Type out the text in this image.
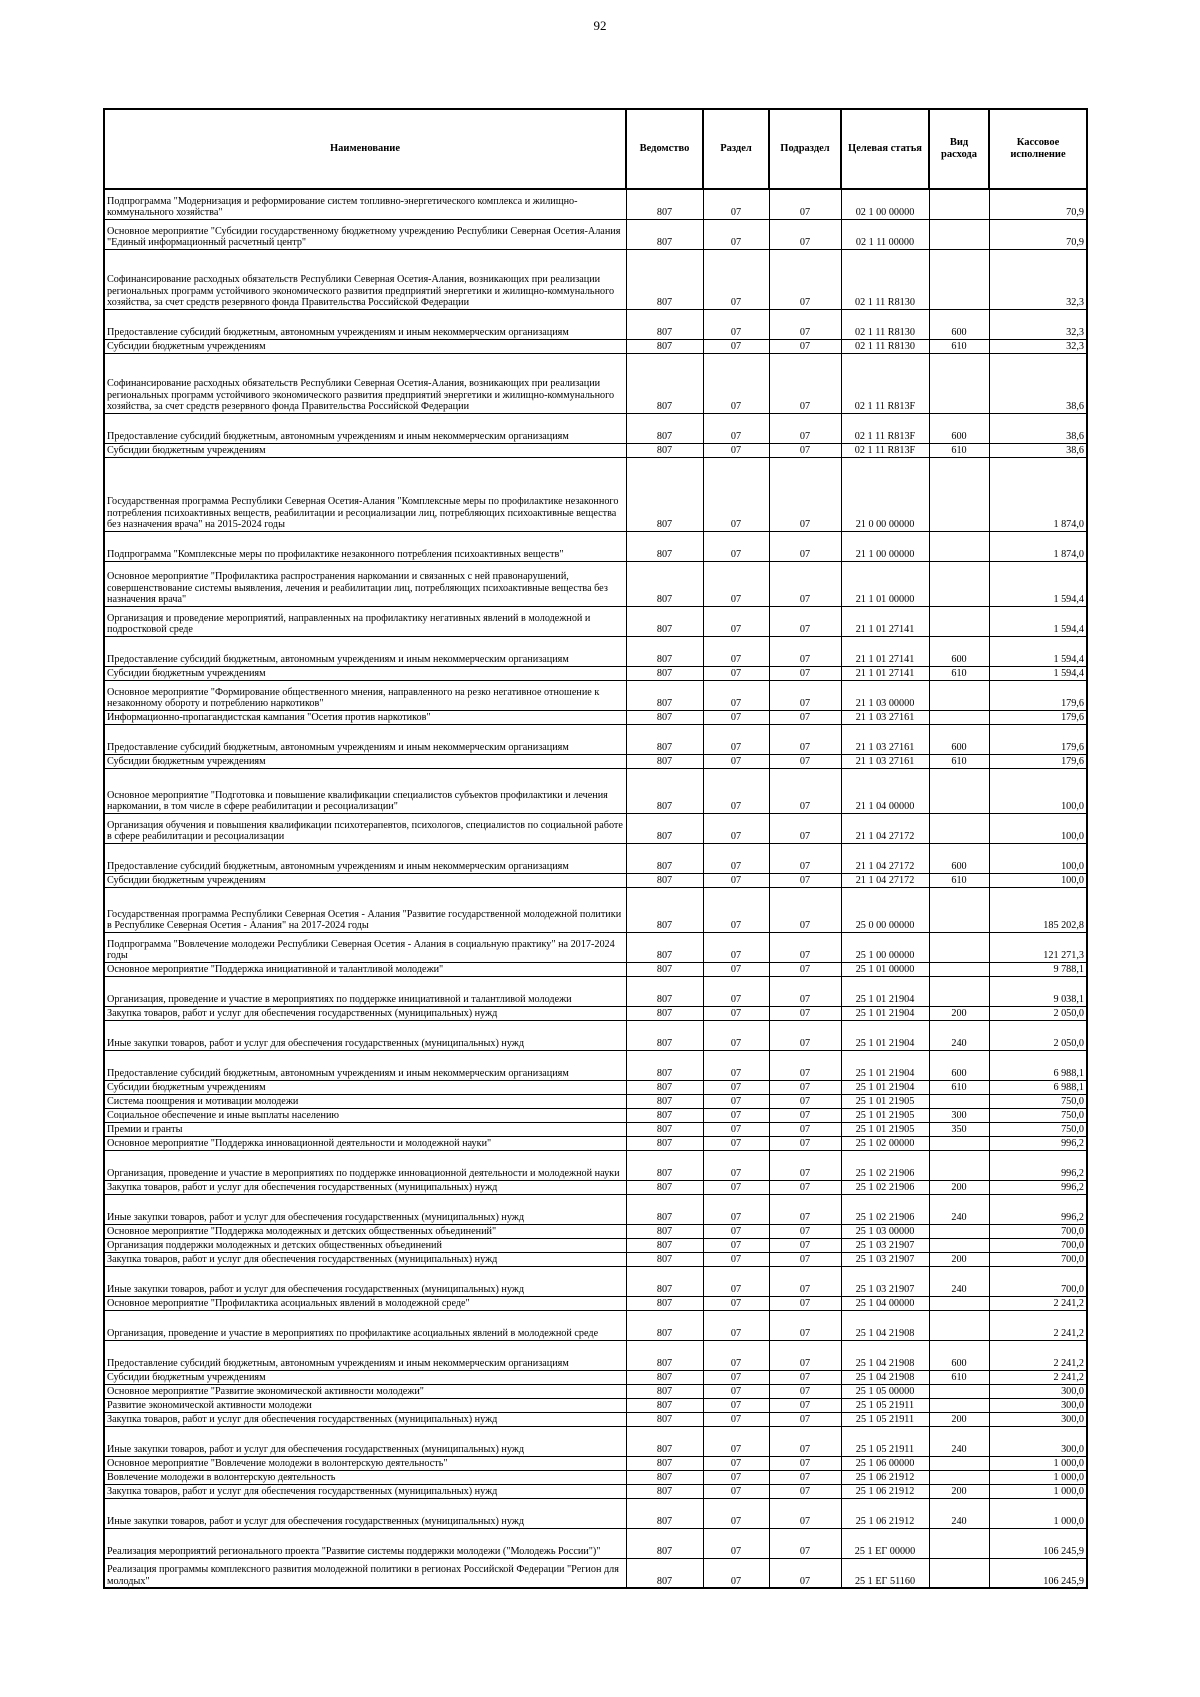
92
Наименование	Ведомство	Раздел	Подраздел	Целевая статья	Вид расхода	Кассовое исполнение
Подпрограмма "Модернизация и реформирование систем топливно-энергетического комплекса и жилищно-коммунального хозяйства"	807	07	07	02 1 00 00000		70,9
Основное мероприятие "Субсидии государственному бюджетному учреждению Республики Северная Осетия-Алания "Единый информационный расчетный центр"	807	07	07	02 1 11 00000		70,9
Софинансирование расходных обязательств Республики Северная Осетия-Алания, возникающих при реализации региональных программ устойчивого экономического развития предприятий энергетики и жилищно-коммунального хозяйства, за счет средств резервного фонда Правительства Российской Федерации	807	07	07	02 1 11 R8130		32,3
Предоставление субсидий бюджетным, автономным учреждениям и иным некоммерческим организациям	807	07	07	02 1 11 R8130	600	32,3
Субсидии бюджетным учреждениям	807	07	07	02 1 11 R8130	610	32,3
Софинансирование расходных обязательств Республики Северная Осетия-Алания, возникающих при реализации региональных программ устойчивого экономического развития предприятий энергетики и жилищно-коммунального хозяйства, за счет средств резервного фонда Правительства Российской Федерации	807	07	07	02 1 11 R813F		38,6
Предоставление субсидий бюджетным, автономным учреждениям и иным некоммерческим организациям	807	07	07	02 1 11 R813F	600	38,6
Субсидии бюджетным учреждениям	807	07	07	02 1 11 R813F	610	38,6
Государственная программа Республики Северная Осетия-Алания "Комплексные меры по профилактике незаконного потребления психоактивных веществ, реабилитации и ресоциализации лиц, потребляющих психоактивные вещества без назначения врача" на 2015-2024 годы	807	07	07	21 0 00 00000		1 874,0
Подпрограмма "Комплексные меры по профилактике незаконного потребления психоактивных веществ"	807	07	07	21 1 00 00000		1 874,0
Основное мероприятие "Профилактика распространения наркомании и связанных с ней правонарушений, совершенствование системы выявления, лечения и реабилитации лиц, потребляющих психоактивные вещества без назначения врача"	807	07	07	21 1 01 00000		1 594,4
Организация и проведение мероприятий, направленных на профилактику негативных явлений в молодежной и подростковой среде	807	07	07	21 1 01 27141		1 594,4
Предоставление субсидий бюджетным, автономным учреждениям и иным некоммерческим организациям	807	07	07	21 1 01 27141	600	1 594,4
Субсидии бюджетным учреждениям	807	07	07	21 1 01 27141	610	1 594,4
Основное мероприятие "Формирование общественного мнения, направленного на резко негативное отношение к незаконному обороту и потреблению наркотиков"	807	07	07	21 1 03 00000		179,6
Информационно-пропагандистская кампания "Осетия против наркотиков"	807	07	07	21 1 03 27161		179,6
Предоставление субсидий бюджетным, автономным учреждениям и иным некоммерческим организациям	807	07	07	21 1 03 27161	600	179,6
Субсидии бюджетным учреждениям	807	07	07	21 1 03 27161	610	179,6
Основное мероприятие "Подготовка и повышение квалификации специалистов субъектов профилактики и лечения наркомании, в том числе в сфере реабилитации и ресоциализации"	807	07	07	21 1 04 00000		100,0
Организация обучения и повышения квалификации психотерапевтов, психологов, специалистов по социальной работе в сфере реабилитации и ресоциализации	807	07	07	21 1 04 27172		100,0
Предоставление субсидий бюджетным, автономным учреждениям и иным некоммерческим организациям	807	07	07	21 1 04 27172	600	100,0
Субсидии бюджетным учреждениям	807	07	07	21 1 04 27172	610	100,0
Государственная программа Республики Северная Осетия - Алания "Развитие государственной молодежной политики в Республике Северная Осетия - Алания" на 2017-2024 годы	807	07	07	25 0 00 00000		185 202,8
Подпрограмма "Вовлечение молодежи Республики Северная Осетия - Алания в социальную практику" на 2017-2024 годы	807	07	07	25 1 00 00000		121 271,3
Основное мероприятие "Поддержка инициативной и талантливой молодежи"	807	07	07	25 1 01 00000		9 788,1
Организация, проведение и участие в мероприятиях по поддержке инициативной и талантливой молодежи	807	07	07	25 1 01 21904		9 038,1
Закупка товаров, работ и услуг для обеспечения государственных (муниципальных) нужд	807	07	07	25 1 01 21904	200	2 050,0
Иные закупки товаров, работ и услуг для обеспечения государственных (муниципальных) нужд	807	07	07	25 1 01 21904	240	2 050,0
Предоставление субсидий бюджетным, автономным учреждениям и иным некоммерческим организациям	807	07	07	25 1 01 21904	600	6 988,1
Субсидии бюджетным учреждениям	807	07	07	25 1 01 21904	610	6 988,1
Система поощрения и мотивации молодежи	807	07	07	25 1 01 21905		750,0
Социальное обеспечение и иные выплаты населению	807	07	07	25 1 01 21905	300	750,0
Премии и гранты	807	07	07	25 1 01 21905	350	750,0
Основное мероприятие "Поддержка инновационной деятельности и молодежной науки"	807	07	07	25 1 02 00000		996,2
Организация, проведение и участие в мероприятиях по поддержке инновационной деятельности и молодежной науки	807	07	07	25 1 02 21906		996,2
Закупка товаров, работ и услуг для обеспечения государственных (муниципальных) нужд	807	07	07	25 1 02 21906	200	996,2
Иные закупки товаров, работ и услуг для обеспечения государственных (муниципальных) нужд	807	07	07	25 1 02 21906	240	996,2
Основное мероприятие "Поддержка молодежных и детских общественных объединений"	807	07	07	25 1 03 00000		700,0
Организация поддержки молодежных и детских общественных объединений	807	07	07	25 1 03 21907		700,0
Закупка товаров, работ и услуг для обеспечения государственных (муниципальных) нужд	807	07	07	25 1 03 21907	200	700,0
Иные закупки товаров, работ и услуг для обеспечения государственных (муниципальных) нужд	807	07	07	25 1 03 21907	240	700,0
Основное мероприятие "Профилактика асоциальных явлений в молодежной среде"	807	07	07	25 1 04 00000		2 241,2
Организация, проведение и участие в мероприятиях по профилактике асоциальных явлений в молодежной среде	807	07	07	25 1 04 21908		2 241,2
Предоставление субсидий бюджетным, автономным учреждениям и иным некоммерческим организациям	807	07	07	25 1 04 21908	600	2 241,2
Субсидии бюджетным учреждениям	807	07	07	25 1 04 21908	610	2 241,2
Основное мероприятие "Развитие экономической активности молодежи"	807	07	07	25 1 05 00000		300,0
Развитие экономической активности молодежи	807	07	07	25 1 05 21911		300,0
Закупка товаров, работ и услуг для обеспечения государственных (муниципальных) нужд	807	07	07	25 1 05 21911	200	300,0
Иные закупки товаров, работ и услуг для обеспечения государственных (муниципальных) нужд	807	07	07	25 1 05 21911	240	300,0
Основное мероприятие "Вовлечение молодежи в волонтерскую деятельность"	807	07	07	25 1 06 00000		1 000,0
Вовлечение молодежи в волонтерскую деятельность	807	07	07	25 1 06 21912		1 000,0
Закупка товаров, работ и услуг для обеспечения государственных (муниципальных) нужд	807	07	07	25 1 06 21912	200	1 000,0
Иные закупки товаров, работ и услуг для обеспечения государственных (муниципальных) нужд	807	07	07	25 1 06 21912	240	1 000,0
Реализация мероприятий регионального проекта "Развитие системы поддержки молодежи ("Молодежь России")"	807	07	07	25 1 EГ 00000		106 245,9
Реализация программы комплексного развития молодежной политики в регионах Российской Федерации "Регион для молодых"	807	07	07	25 1 EГ 51160		106 245,9
